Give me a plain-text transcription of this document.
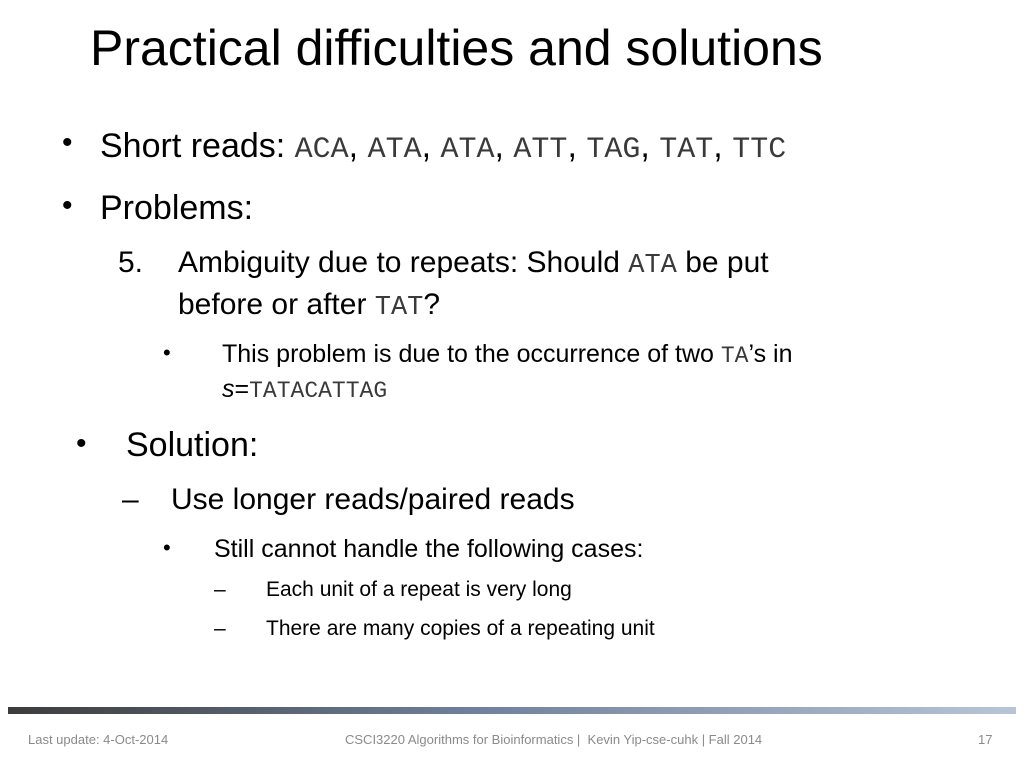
Practical difficulties and solutions
• Short reads: ACA, ATA, ATA, ATT, TAG, TAT, TTC
• Problems:
5. Ambiguity due to repeats: Should ATA be put
before or after TAT?
• This problem is due to the occurrence of two TA’s in
s=TATACATTAG
• Solution:
– Use longer reads/paired reads
• Still cannot handle the following cases:
– Each unit of a repeat is very long
– There are many copies of a repeating unit
Last update: 4-Oct-2014	CSCI3220 Algorithms for Bioinformatics |  Kevin Yip-cse-cuhk | Fall 2014	17
